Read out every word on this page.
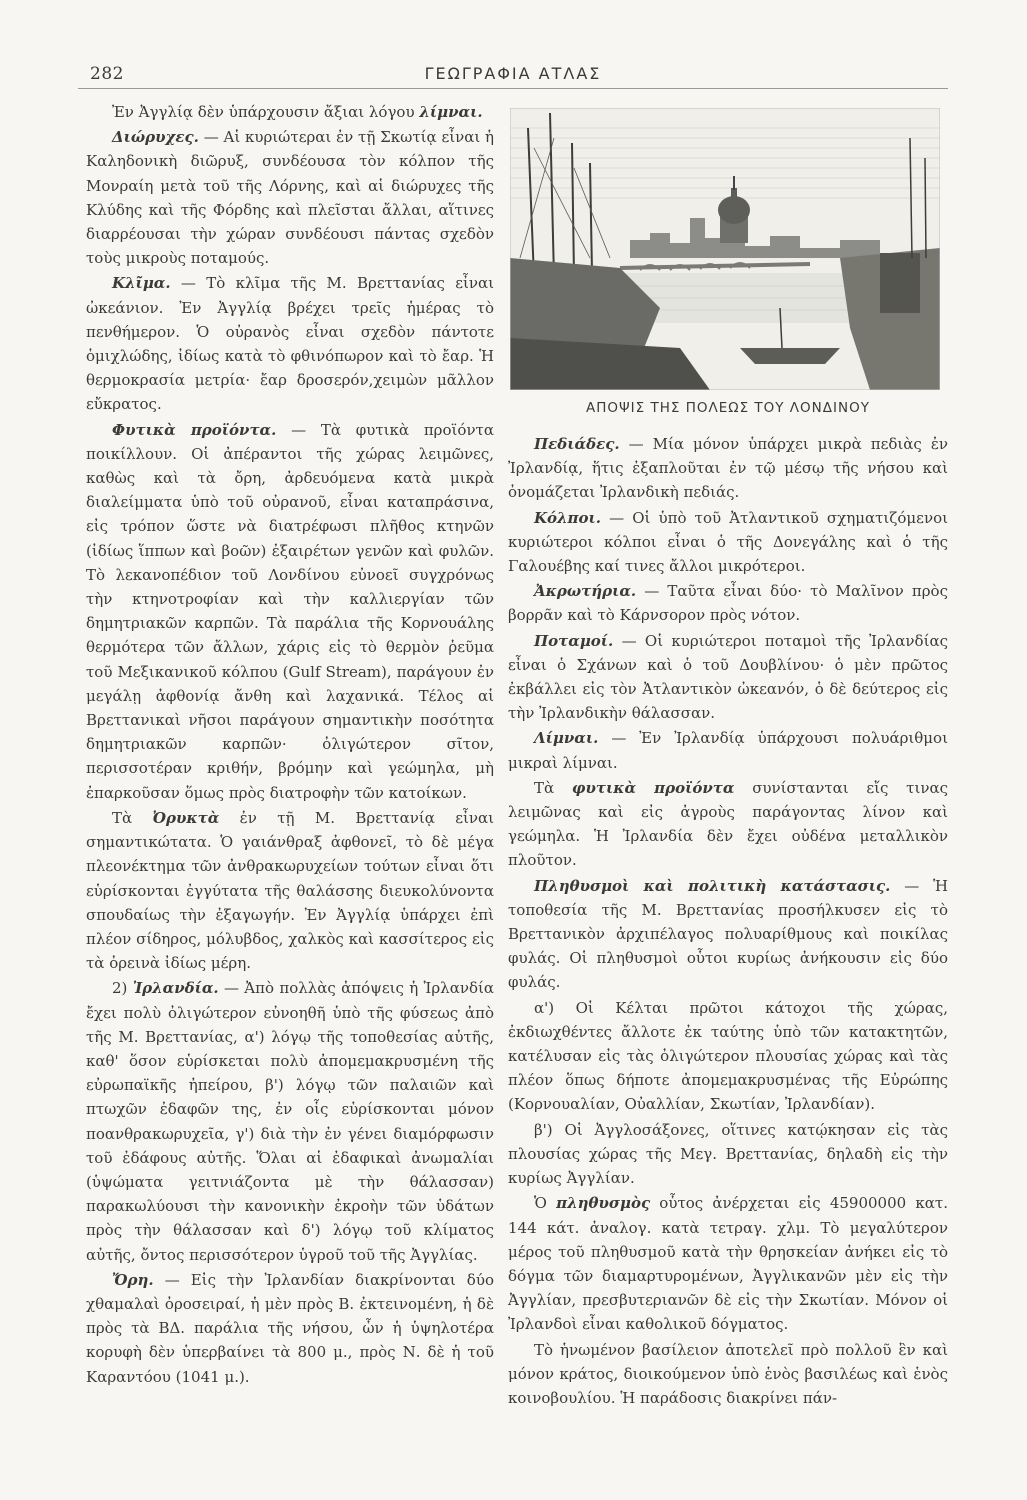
282	ΓΕΩΓΡΑΦΙΑ ΑΤΛΑΣ

Ἐν Ἀγγλίᾳ δὲν ὑπάρχουσιν ἄξιαι λόγου λίμναι.

Διώρυχες. — Αἱ κυριώτεραι ἐν τῇ Σκωτίᾳ εἶναι ἡ Καληδονικὴ διῶρυξ, συνδέουσα τὸν κόλπον τῆς Μονραίη μετὰ τοῦ τῆς Λόρνης, καὶ αἱ διώρυχες τῆς Κλύδης καὶ τῆς Φόρδης καὶ πλεῖσται ἄλλαι, αἵτινες διαρρέουσαι τὴν χώραν συνδέουσι πάντας σχεδὸν τοὺς μικροὺς ποταμούς.

Κλῖμα. — Τὸ κλῖμα τῆς Μ. Βρεττανίας εἶναι ὠκεάνιον. Ἐν Ἀγγλίᾳ βρέχει τρεῖς ἡμέρας τὸ πενθήμερον. Ὁ οὐρανὸς εἶναι σχεδὸν πάντοτε ὁμιχλώδης, ἰδίως κατὰ τὸ φθινόπωρον καὶ τὸ ἔαρ. Ἡ θερμοκρασία μετρία· ἔαρ δροσερόν,χειμὼν μᾶλλον εὔκρατος.

Φυτικὰ προϊόντα. — Τὰ φυτικὰ προϊόντα ποικίλλουν. Οἱ ἀπέραντοι τῆς χώρας λειμῶνες, καθὼς καὶ τὰ ὄρη, ἀρδευόμενα κατὰ μικρὰ διαλείμματα ὑπὸ τοῦ οὐρανοῦ, εἶναι καταπράσινα, εἰς τρόπον ὥστε νὰ διατρέφωσι πλῆθος κτηνῶν (ἰδίως ἵππων καὶ βοῶν) ἐξαιρέτων γενῶν καὶ φυλῶν. Τὸ λεκανοπέδιον τοῦ Λονδίνου εὐνοεῖ συγχρόνως τὴν κτηνοτροφίαν καὶ τὴν καλλιεργίαν τῶν δημητριακῶν καρπῶν. Τὰ παράλια τῆς Κορνουάλης θερμότερα τῶν ἄλλων, χάρις εἰς τὸ θερμὸν ῥεῦμα τοῦ Μεξικανικοῦ κόλπου (Gulf Stream), παράγουν ἐν μεγάλῃ ἀφθονίᾳ ἄνθη καὶ λαχανικά. Τέλος αἱ Βρεττανικαὶ νῆσοι παράγουν σημαντικὴν ποσότητα δημητριακῶν καρπῶν· ὀλιγώτερον σῖτον, περισσοτέραν κριθήν, βρόμην καὶ γεώμηλα, μὴ ἐπαρκοῦσαν ὅμως πρὸς διατροφὴν τῶν κατοίκων.

Τὰ Ὀρυκτὰ ἐν τῇ Μ. Βρεττανίᾳ εἶναι σημαντικώτατα. Ὁ γαιάνθραξ ἀφθονεῖ, τὸ δὲ μέγα πλεονέκτημα τῶν ἀνθρακωρυχείων τούτων εἶναι ὅτι εὑρίσκονται ἐγγύτατα τῆς θαλάσσης διευκολύνοντα σπουδαίως τὴν ἐξαγωγήν. Ἐν Ἀγγλίᾳ ὑπάρχει ἐπὶ πλέον σίδηρος, μόλυβδος, χαλκὸς καὶ κασσίτερος εἰς τὰ ὀρεινὰ ἰδίως μέρη.

2) Ἰρλανδία. — Ἀπὸ πολλὰς ἀπόψεις ἡ Ἰρλανδία ἔχει πολὺ ὀλιγώτερον εὐνοηθῆ ὑπὸ τῆς φύσεως ἀπὸ τῆς Μ. Βρεττανίας, α') λόγῳ τῆς τοποθεσίας αὐτῆς, καθ' ὅσον εὑρίσκεται πολὺ ἀπομεμακρυσμένη τῆς εὐρωπαϊκῆς ἠπείρου, β') λόγῳ τῶν παλαιῶν καὶ πτωχῶν ἐδαφῶν της, ἐν οἷς εὑρίσκονται μόνον ποανθρακωρυχεῖα, γ') διὰ τὴν ἐν γένει διαμόρφωσιν τοῦ ἐδάφους αὐτῆς. Ὅλαι αἱ ἐδαφικαὶ ἀνωμαλίαι (ὑψώματα γειτνιάζοντα μὲ τὴν θάλασσαν) παρακωλύουσι τὴν κανονικὴν ἐκροὴν τῶν ὑδάτων πρὸς τὴν θάλασσαν καὶ δ') λόγῳ τοῦ κλίματος αὐτῆς, ὄντος περισσότερον ὑγροῦ τοῦ τῆς Ἀγγλίας.

Ὄρη. — Εἰς τὴν Ἰρλανδίαν διακρίνονται δύο χθαμαλαὶ ὀροσειραί, ἡ μὲν πρὸς Β. ἐκτεινομένη, ἡ δὲ πρὸς τὰ ΒΔ. παράλια τῆς νήσου, ὧν ἡ ὑψηλοτέρα κορυφὴ δὲν ὑπερβαίνει τὰ 800 μ., πρὸς Ν. δὲ ἡ τοῦ Καραντόου (1041 μ.).

ΑΠΟΨΙΣ ΤΗΣ ΠΟΛΕΩΣ ΤΟΥ ΛΟΝΔΙΝΟΥ

Πεδιάδες. — Μία μόνον ὑπάρχει μικρὰ πεδιὰς ἐν Ἰρλανδίᾳ, ἥτις ἐξαπλοῦται ἐν τῷ μέσῳ τῆς νήσου καὶ ὀνομάζεται Ἰρλανδικὴ πεδιάς.

Κόλποι. — Οἱ ὑπὸ τοῦ Ἀτλαντικοῦ σχηματιζόμενοι κυριώτεροι κόλποι εἶναι ὁ τῆς Δονεγάλης καὶ ὁ τῆς Γαλουέβης καί τινες ἄλλοι μικρότεροι.

Ἀκρωτήρια. — Ταῦτα εἶναι δύο· τὸ Μαλῖνον πρὸς βορρᾶν καὶ τὸ Κάρνσορον πρὸς νότον.

Ποταμοί. — Οἱ κυριώτεροι ποταμοὶ τῆς Ἰρλανδίας εἶναι ὁ Σχάνων καὶ ὁ τοῦ Δουβλίνου· ὁ μὲν πρῶτος ἐκβάλλει εἰς τὸν Ἀτλαντικὸν ὠκεανόν, ὁ δὲ δεύτερος εἰς τὴν Ἰρλανδικὴν θάλασσαν.

Λίμναι. — Ἐν Ἰρλανδίᾳ ὑπάρχουσι πολυάριθμοι μικραὶ λίμναι.

Τὰ φυτικὰ προϊόντα συνίστανται εἴς τινας λειμῶνας καὶ εἰς ἀγροὺς παράγοντας λίνον καὶ γεώμηλα. Ἡ Ἰρλανδία δὲν ἔχει οὐδένα μεταλλικὸν πλοῦτον.

Πληθυσμοὶ καὶ πολιτικὴ κατάστασις. — Ἡ τοποθεσία τῆς Μ. Βρεττανίας προσήλκυσεν εἰς τὸ Βρεττανικὸν ἀρχιπέλαγος πολυαρίθμους καὶ ποικίλας φυλάς. Οἱ πληθυσμοὶ οὗτοι κυρίως ἀνήκουσιν εἰς δύο φυλάς.

α') Οἱ Κέλται πρῶτοι κάτοχοι τῆς χώρας, ἐκδιωχθέντες ἄλλοτε ἐκ ταύτης ὑπὸ τῶν κατακτητῶν, κατέλυσαν εἰς τὰς ὀλιγώτερον πλουσίας χώρας καὶ τὰς πλέον ὅπως δήποτε ἀπομεμακρυσμένας τῆς Εὐρώπης (Κορνουαλίαν, Οὐαλλίαν, Σκωτίαν, Ἰρλανδίαν).

β') Οἱ Ἀγγλοσάξονες, οἵτινες κατῴκησαν εἰς τὰς πλουσίας χώρας τῆς Μεγ. Βρεττανίας, δηλαδὴ εἰς τὴν κυρίως Ἀγγλίαν.

Ὁ πληθυσμὸς οὗτος ἀνέρχεται εἰς 45900000 κατ. 144 κάτ. ἀναλογ. κατὰ τετραγ. χλμ. Τὸ μεγαλύτερον μέρος τοῦ πληθυσμοῦ κατὰ τὴν θρησκείαν ἀνήκει εἰς τὸ δόγμα τῶν διαμαρτυρομένων, Ἀγγλικανῶν μὲν εἰς τὴν Ἀγγλίαν, πρεσβυτεριανῶν δὲ εἰς τὴν Σκωτίαν. Μόνον οἱ Ἰρλανδοὶ εἶναι καθολικοῦ δόγματος.

Τὸ ἡνωμένον βασίλειον ἀποτελεῖ πρὸ πολλοῦ ἓν καὶ μόνον κράτος, διοικούμενον ὑπὸ ἑνὸς βασιλέως καὶ ἑνὸς κοινοβουλίου. Ἡ παράδοσις διακρίνει πάν-
